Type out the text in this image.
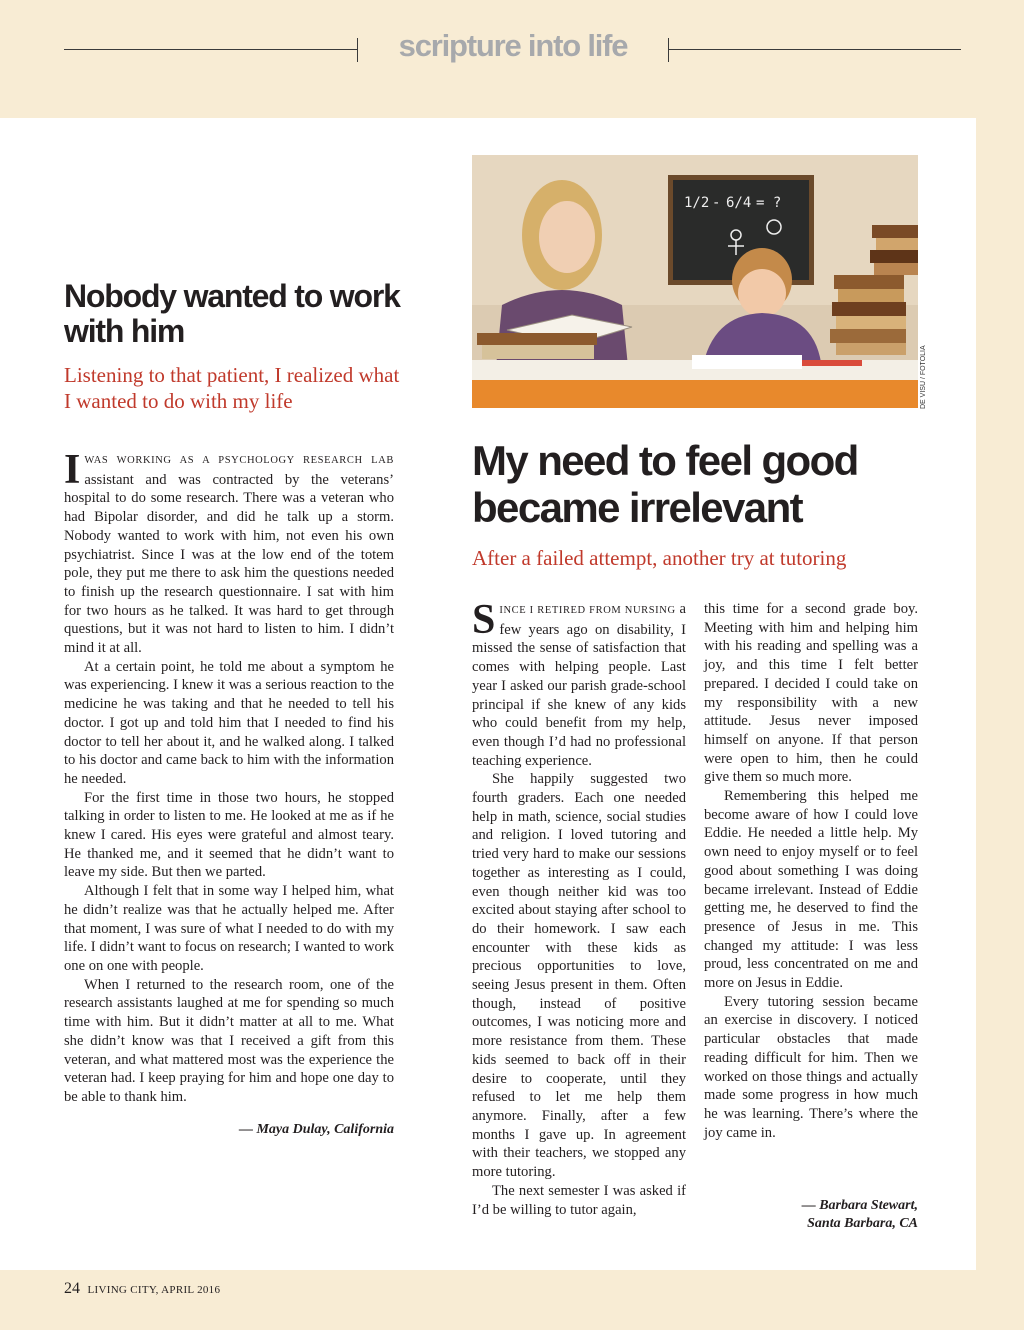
scripture into life
1/2 - 6/4 = ?
DE VISU / FOTOLIA
Nobody wanted to work with him

Listening to that patient, I realized what I wanted to do with my life

IWAS WORKING AS A PSYCHOLOGY RESEARCH LAB assistant and was contracted by the veterans’ hospital to do some research. There was a veteran who had Bipolar disorder, and did he talk up a storm. Nobody wanted to work with him, not even his own psychiatrist. Since I was at the low end of the totem pole, they put me there to ask him the questions needed to finish up the research questionnaire. I sat with him for two hours as he talked. It was hard to get through questions, but it was not hard to listen to him. I didn’t mind it at all.

At a certain point, he told me about a symptom he was experiencing. I knew it was a serious reaction to the medicine he was taking and that he needed to tell his doctor. I got up and told him that I needed to find his doctor to tell her about it, and he walked along. I talked to his doctor and came back to him with the information he needed.

For the first time in those two hours, he stopped talking in order to listen to me. He looked at me as if he knew I cared. His eyes were grateful and almost teary. He thanked me, and it seemed that he didn’t want to leave my side. But then we parted.

Although I felt that in some way I helped him, what he didn’t realize was that he actually helped me. After that moment, I was sure of what I needed to do with my life. I didn’t want to focus on research; I wanted to work one on one with people.

When I returned to the research room, one of the research assistants laughed at me for spending so much time with him. But it didn’t matter at all to me. What she didn’t know was that I received a gift from this veteran, and what mattered most was the experience the veteran had. I keep praying for him and hope one day to be able to thank him.

— Maya Dulay, California

My need to feel good became irrelevant

After a failed attempt, another try at tutoring

SINCE I RETIRED FROM NURSING a few years ago on disability, I missed the sense of satisfaction that comes with helping people. Last year I asked our parish grade-school principal if she knew of any kids who could benefit from my help, even though I’d had no professional teaching experience.

She happily suggested two fourth graders. Each one needed help in math, science, social studies and religion. I loved tutoring and tried very hard to make our sessions together as interesting as I could, even though neither kid was too excited about staying after school to do their homework. I saw each encounter with these kids as precious opportunities to love, seeing Jesus present in them. Often though, instead of positive outcomes, I was noticing more and more resistance from them. These kids seemed to back off in their desire to cooperate, until they refused to let me help them anymore. Finally, after a few months I gave up. In agreement with their teachers, we stopped any more tutoring.

The next semester I was asked if I’d be willing to tutor again,

this time for a second grade boy. Meeting with him and helping him with his reading and spelling was a joy, and this time I felt better prepared. I decided I could take on my responsibility with a new attitude. Jesus never imposed himself on anyone. If that person were open to him, then he could give them so much more.

Remembering this helped me become aware of how I could love Eddie. He needed a little help. My own need to enjoy myself or to feel good about something I was doing became irrelevant. Instead of Eddie getting me, he deserved to find the presence of Jesus in me. This changed my attitude: I was less proud, less concentrated on me and more on Jesus in Eddie.

Every tutoring session became an exercise in discovery. I noticed particular obstacles that made reading difficult for him. Then we worked on those things and actually made some progress in how much he was learning. There’s where the joy came in.

— Barbara Stewart,

Santa Barbara, CA

24 LIVING CITY, APRIL 2016
